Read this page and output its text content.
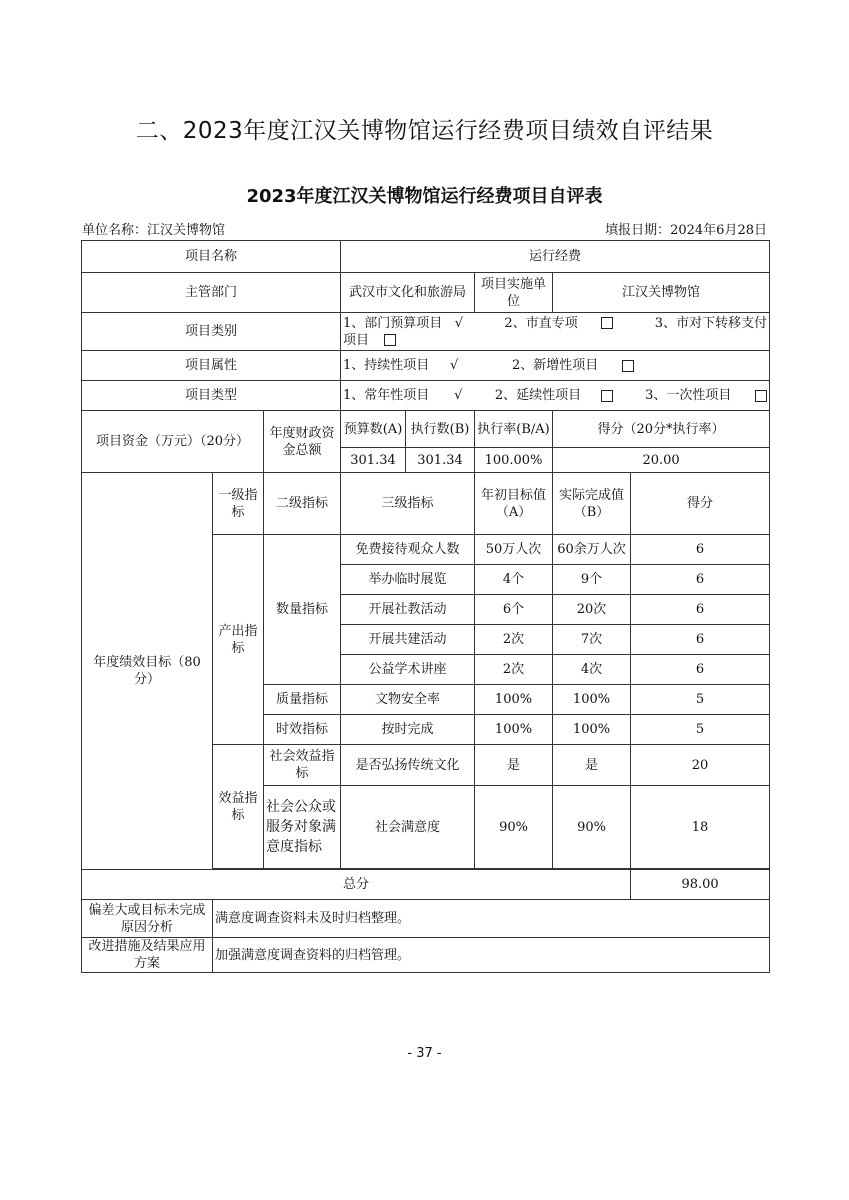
二、2023年度江汉关博物馆运行经费项目绩效自评结果
2023年度江汉关博物馆运行经费项目自评表
单位名称：江汉关博物馆	填报日期：2024年6月28日
项目名称			运行经费				
主管部门			武汉市文化和旅游局		项目实施单位	江汉关博物馆	
项目类别			1、部门预算项目 √ 2、市直专项 3、市对下转移支付
项目				

项目属性			1、持续性项目 √ 2、新增性项目				
项目类型			1、常年性项目 √ 2、延续性项目 3、一次性项目				

项目资金（万元）（20分）		年度财政资金总额	预算数(A)	执行数(B)	执行率(B/A)	得分（20分*执行率）	
			301.34	301.34	100.00%	20.00	
年度绩效目标（80分）	一级指标	二级指标	三级指标		年初目标值（A）	实际完成值（B）	得分
	产出指标	数量指标	免费接待观众人数		50万人次	60余万人次	6
			举办临时展览		4个	9个	6
			开展社教活动		6个	20次	6
			开展共建活动		2次	7次	6
			公益学术讲座		2次	4次	6
		质量指标	文物安全率		100%	100%	5
		时效指标	按时完成		100%	100%	5
	效益指标	社会效益指标	是否弘扬传统文化		是	是	20
		社会公众或服务对象满意度指标	社会满意度		90%	90%	18

总分							98.00
偏差大或目标未完成原因分析	满意度调查资料未及时归档整理。						
改进措施及结果应用方案	加强满意度调查资料的归档管理。						
- 37 -
